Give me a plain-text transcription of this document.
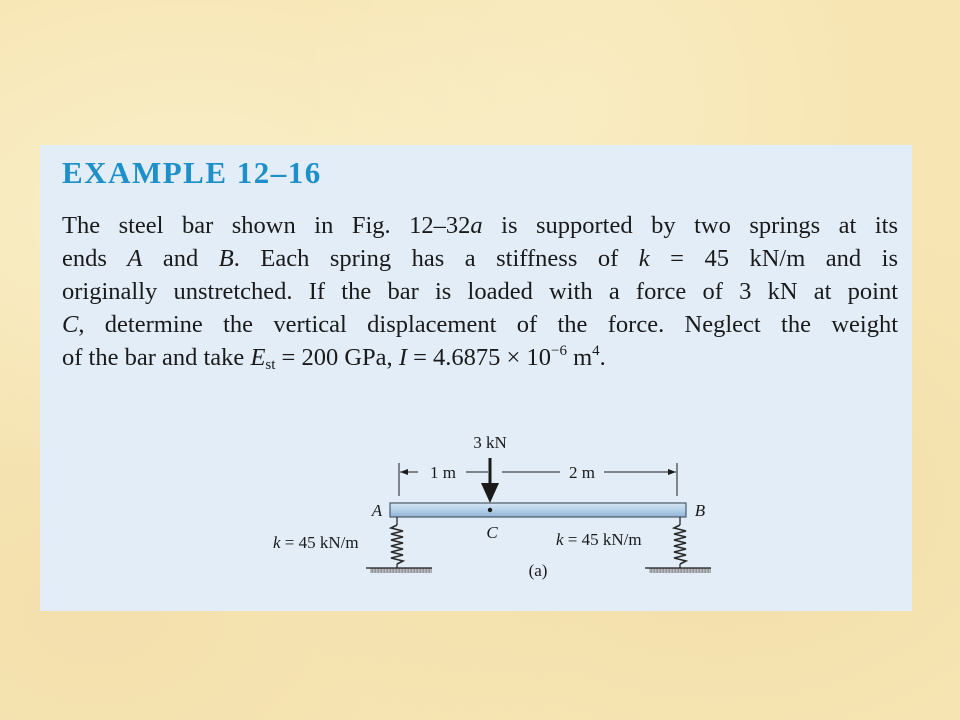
EXAMPLE 12–16
The steel bar shown in Fig. 12–32a is supported by two springs at its
ends A and B. Each spring has a stiffness of k = 45 kN/m and is
originally unstretched. If the bar is loaded with a force of 3 kN at point
C, determine the vertical displacement of the force. Neglect the weight
of the bar and take $E_{st} = 200$ GPa, $I = 4.6875 \times 10^{-6}$ $m^4$.
3 kN
1 m	2 m
A	B
C
k = 45 kN/m	k = 45 kN/m
(a)
